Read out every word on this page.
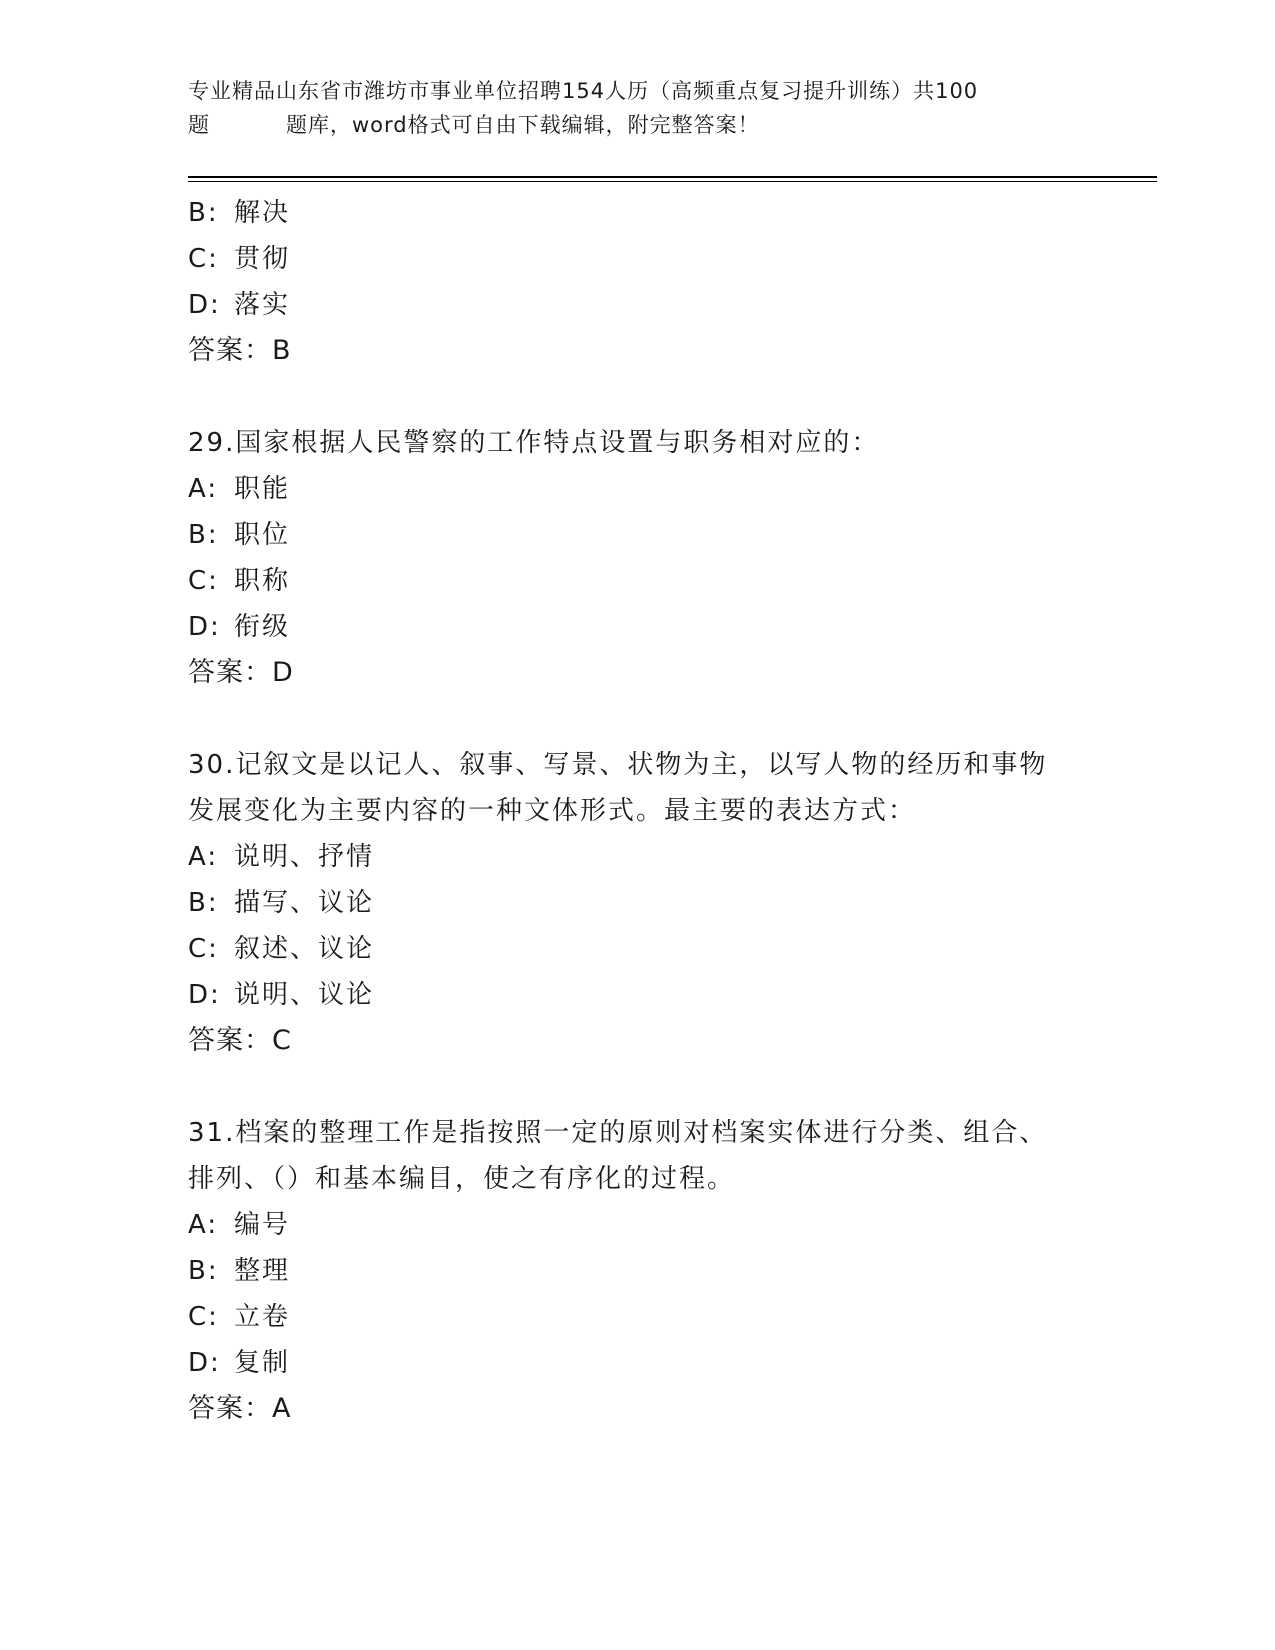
专业精品山东省市潍坊市事业单位招聘154人历（高频重点复习提升训练）共100
题	题库，word格式可自由下载编辑，附完整答案！
B: 解决
C: 贯彻
D: 落实
答案：B
29.国家根据人民警察的工作特点设置与职务相对应的：
A: 职能
B: 职位
C: 职称
D: 衔级
答案：D
30.记叙文是以记人、叙事、写景、状物为主，以写人物的经历和事物
发展变化为主要内容的一种文体形式。最主要的表达方式：
A: 说明、抒情
B: 描写、议论
C: 叙述、议论
D: 说明、议论
答案：C
31.档案的整理工作是指按照一定的原则对档案实体进行分类、组合、
排列、（）和基本编目，使之有序化的过程。
A: 编号
B: 整理
C: 立卷
D: 复制
答案：A
